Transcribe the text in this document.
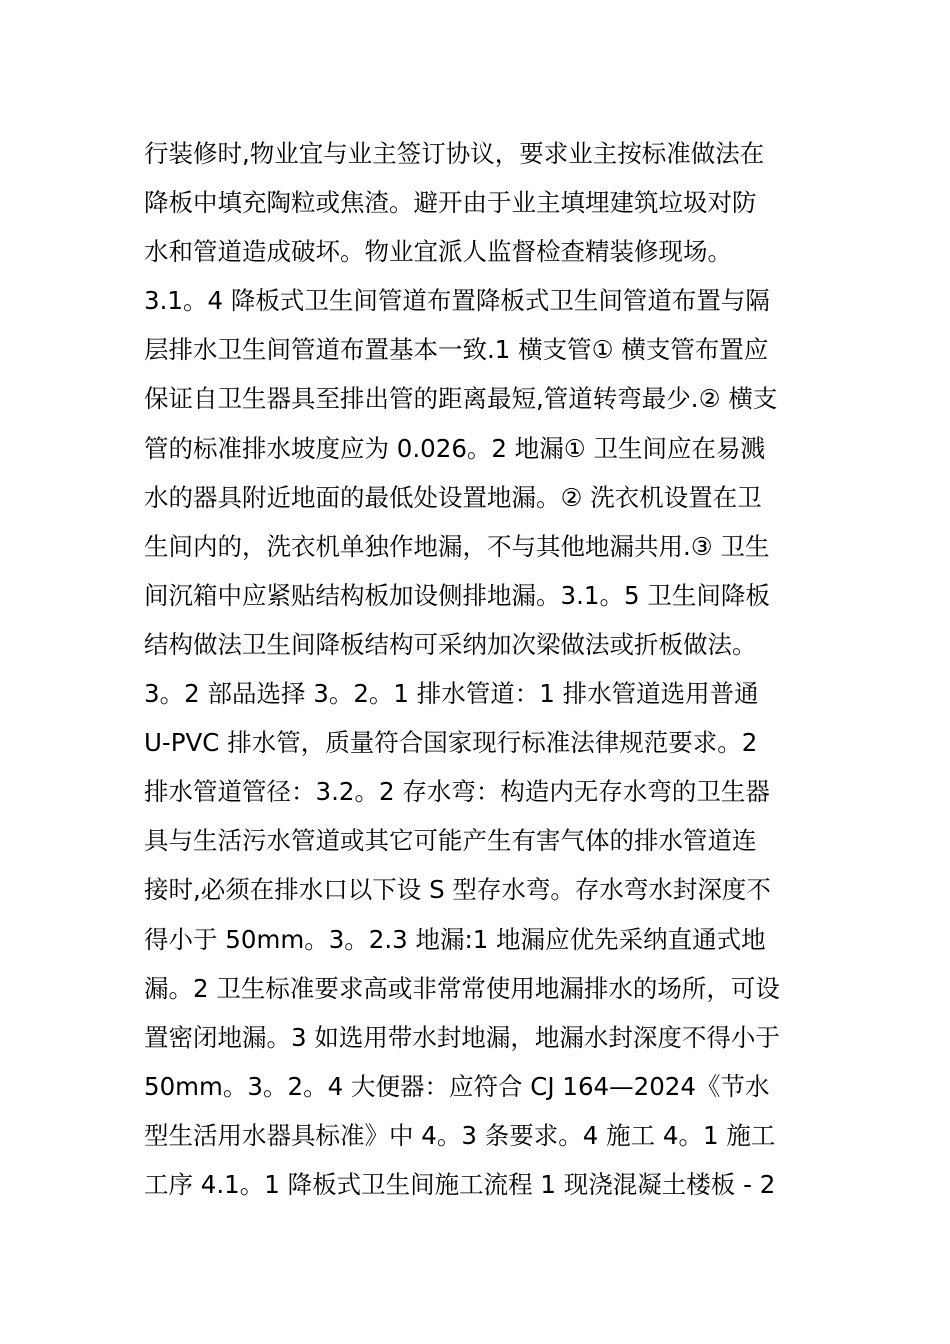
行装修时,物业宜与业主签订协议，要求业主按标准做法在
降板中填充陶粒或焦渣。避开由于业主填埋建筑垃圾对防
水和管道造成破坏。物业宜派人监督检查精装修现场。
3.1。4 降板式卫生间管道布置降板式卫生间管道布置与隔
层排水卫生间管道布置基本一致.1 横支管① 横支管布置应
保证自卫生器具至排出管的距离最短,管道转弯最少.② 横支
管的标准排水坡度应为 0.026。2 地漏① 卫生间应在易溅
水的器具附近地面的最低处设置地漏。② 洗衣机设置在卫
生间内的，洗衣机单独作地漏，不与其他地漏共用.③ 卫生
间沉箱中应紧贴结构板加设侧排地漏。3.1。5 卫生间降板
结构做法卫生间降板结构可采纳加次梁做法或折板做法。
3。2 部品选择 3。2。1 排水管道：1 排水管道选用普通
U-PVC 排水管，质量符合国家现行标准法律规范要求。2
排水管道管径：3.2。2 存水弯：构造内无存水弯的卫生器
具与生活污水管道或其它可能产生有害气体的排水管道连
接时,必须在排水口以下设 S 型存水弯。存水弯水封深度不
得小于 50mm。3。2.3 地漏:1 地漏应优先采纳直通式地
漏。2 卫生标准要求高或非常常使用地漏排水的场所，可设
置密闭地漏。3 如选用带水封地漏，地漏水封深度不得小于
50mm。3。2。4 大便器：应符合 CJ 164—2024《节水
型生活用水器具标准》中 4。3 条要求。4 施工 4。1 施工
工序 4.1。1 降板式卫生间施工流程 1 现浇混凝土楼板 - 2
